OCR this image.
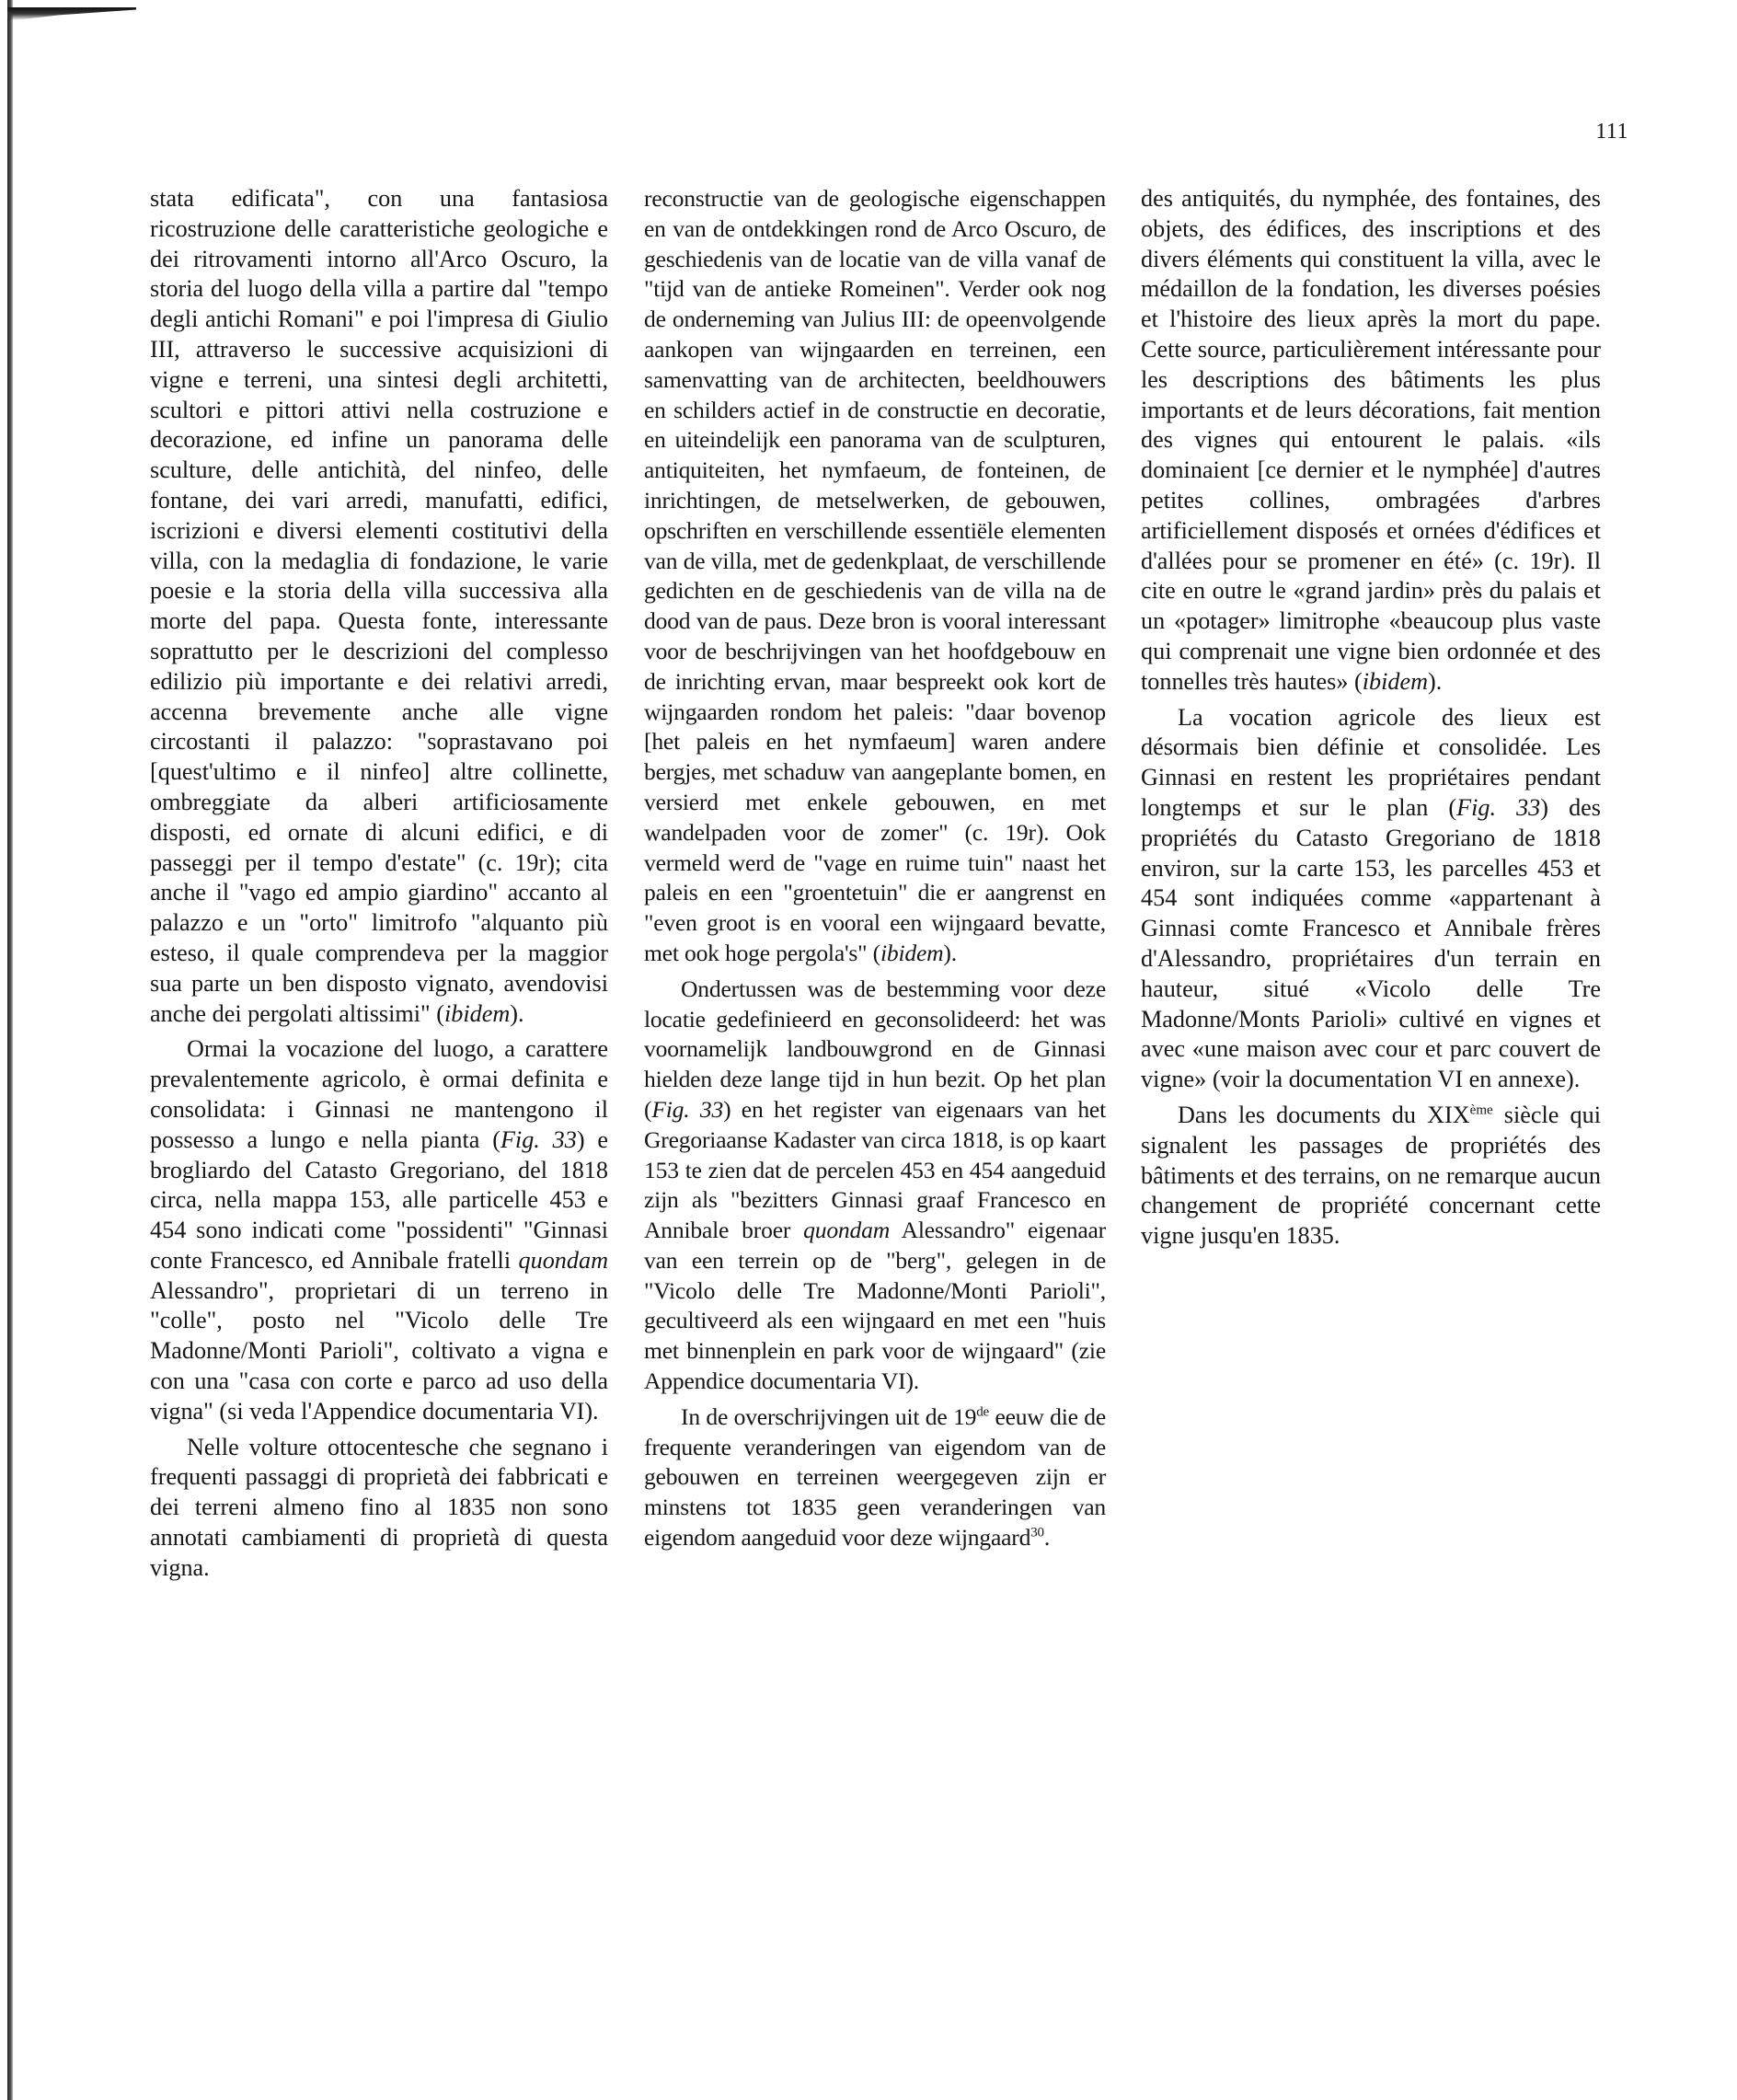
111

stata edificata", con una fantasiosa ricostruzione delle caratteristiche geologiche e dei ritrovamenti intorno all'Arco Oscuro, la storia del luogo della villa a partire dal "tempo degli antichi Romani" e poi l'impresa di Giulio III, attraverso le successive acquisizioni di vigne e terreni, una sintesi degli architetti, scultori e pittori attivi nella costruzione e decorazione, ed infine un panorama delle sculture, delle antichità, del ninfeo, delle fontane, dei vari arredi, manufatti, edifici, iscrizioni e diversi elementi costitutivi della villa, con la medaglia di fondazione, le varie poesie e la storia della villa successiva alla morte del papa. Questa fonte, interessante soprattutto per le descrizioni del complesso edilizio più importante e dei relativi arredi, accenna brevemente anche alle vigne circostanti il palazzo: "soprastavano poi [quest'ultimo e il ninfeo] altre collinette, ombreggiate da alberi artificiosamente disposti, ed ornate di alcuni edifici, e di passeggi per il tempo d'estate" (c. 19r); cita anche il "vago ed ampio giardino" accanto al palazzo e un "orto" limitrofo "alquanto più esteso, il quale comprendeva per la maggior sua parte un ben disposto vignato, avendovisi anche dei pergolati altissimi" (ibidem).

Ormai la vocazione del luogo, a carattere prevalentemente agricolo, è ormai definita e consolidata: i Ginnasi ne mantengono il possesso a lungo e nella pianta (Fig. 33) e brogliardo del Catasto Gregoriano, del 1818 circa, nella mappa 153, alle particelle 453 e 454 sono indicati come "possidenti" "Ginnasi conte Francesco, ed Annibale fratelli quondam Alessandro", proprietari di un terreno in "colle", posto nel "Vicolo delle Tre Madonne/Monti Parioli", coltivato a vigna e con una "casa con corte e parco ad uso della vigna" (si veda l'Appendice documentaria VI).

Nelle volture ottocentesche che segnano i frequenti passaggi di proprietà dei fabbricati e dei terreni almeno fino al 1835 non sono annotati cambiamenti di proprietà di questa vigna.

reconstructie van de geologische eigenschappen en van de ontdekkingen rond de Arco Oscuro, de geschiedenis van de locatie van de villa vanaf de "tijd van de antieke Romeinen". Verder ook nog de onderneming van Julius III: de opeenvolgende aankopen van wijngaarden en terreinen, een samenvatting van de architecten, beeldhouwers en schilders actief in de constructie en decoratie, en uiteindelijk een panorama van de sculpturen, antiquiteiten, het nymfaeum, de fonteinen, de inrichtingen, de metselwerken, de gebouwen, opschriften en verschillende essentiële elementen van de villa, met de gedenkplaat, de verschillende gedichten en de geschiedenis van de villa na de dood van de paus. Deze bron is vooral interessant voor de beschrijvingen van het hoofdgebouw en de inrichting ervan, maar bespreekt ook kort de wijngaarden rondom het paleis: "daar bovenop [het paleis en het nymfaeum] waren andere bergjes, met schaduw van aangeplante bomen, en versierd met enkele gebouwen, en met wandelpaden voor de zomer" (c. 19r). Ook vermeld werd de "vage en ruime tuin" naast het paleis en een "groentetuin" die er aangrenst en "even groot is en vooral een wijngaard bevatte, met ook hoge pergola's" (ibidem).

Ondertussen was de bestemming voor deze locatie gedefinieerd en geconsolideerd: het was voornamelijk landbouwgrond en de Ginnasi hielden deze lange tijd in hun bezit. Op het plan (Fig. 33) en het register van eigenaars van het Gregoriaanse Kadaster van circa 1818, is op kaart 153 te zien dat de percelen 453 en 454 aangeduid zijn als "bezitters Ginnasi graaf Francesco en Annibale broer quondam Alessandro" eigenaar van een terrein op de "berg", gelegen in de "Vicolo delle Tre Madonne/Monti Parioli", gecultiveerd als een wijngaard en met een "huis met binnenplein en park voor de wijngaard" (zie Appendice documentaria VI).

In de overschrijvingen uit de 19de eeuw die de frequente veranderingen van eigendom van de gebouwen en terreinen weergegeven zijn er minstens tot 1835 geen veranderingen van eigendom aangeduid voor deze wijngaard$^{30}$.

des antiquités, du nymphée, des fontaines, des objets, des édifices, des inscriptions et des divers éléments qui constituent la villa, avec le médaillon de la fondation, les diverses poésies et l'histoire des lieux après la mort du pape. Cette source, particulièrement intéressante pour les descriptions des bâtiments les plus importants et de leurs décorations, fait mention des vignes qui entourent le palais. «ils dominaient [ce dernier et le nymphée] d'autres petites collines, ombragées d'arbres artificiellement disposés et ornées d'édifices et d'allées pour se promener en été» (c. 19r). Il cite en outre le «grand jardin» près du palais et un «potager» limitrophe «beaucoup plus vaste qui comprenait une vigne bien ordonnée et des tonnelles très hautes» (ibidem).

La vocation agricole des lieux est désormais bien définie et consolidée. Les Ginnasi en restent les propriétaires pendant longtemps et sur le plan (Fig. 33) des propriétés du Catasto Gregoriano de 1818 environ, sur la carte 153, les parcelles 453 et 454 sont indiquées comme «appartenant à Ginnasi comte Francesco et Annibale frères d'Alessandro, propriétaires d'un terrain en hauteur, situé «Vicolo delle Tre Madonne/Monts Parioli» cultivé en vignes et avec «une maison avec cour et parc couvert de vigne» (voir la documentation VI en annexe).

Dans les documents du XIXème siècle qui signalent les passages de propriétés des bâtiments et des terrains, on ne remarque aucun changement de propriété concernant cette vigne jusqu'en 1835.
